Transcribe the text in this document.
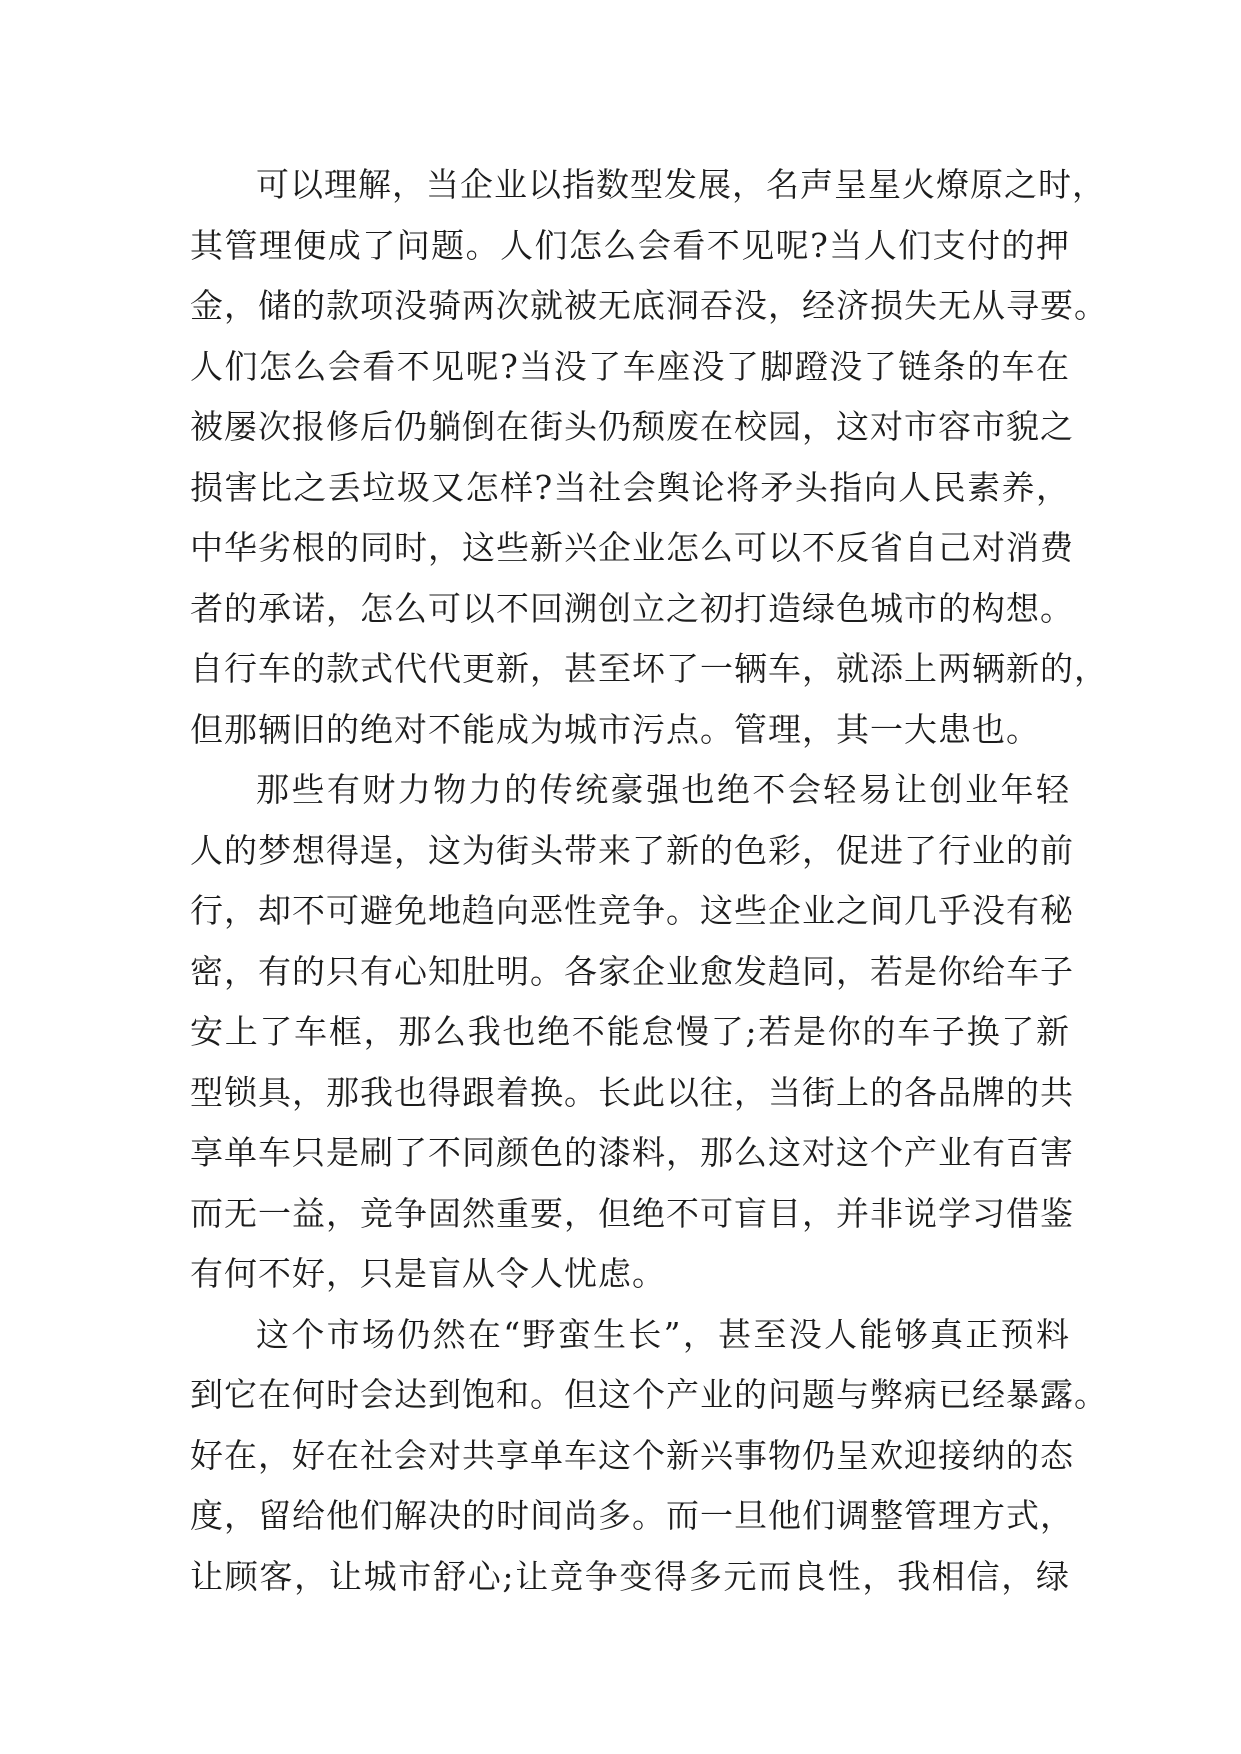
可以理解，当企业以指数型发展，名声呈星火燎原之时，
其管理便成了问题。人们怎么会看不见呢?当人们支付的押
金，储的款项没骑两次就被无底洞吞没，经济损失无从寻要。
人们怎么会看不见呢?当没了车座没了脚蹬没了链条的车在
被屡次报修后仍躺倒在街头仍颓废在校园，这对市容市貌之
损害比之丢垃圾又怎样?当社会舆论将矛头指向人民素养，
中华劣根的同时，这些新兴企业怎么可以不反省自己对消费
者的承诺，怎么可以不回溯创立之初打造绿色城市的构想。
自行车的款式代代更新，甚至坏了一辆车，就添上两辆新的，
但那辆旧的绝对不能成为城市污点。管理，其一大患也。
那些有财力物力的传统豪强也绝不会轻易让创业年轻
人的梦想得逞，这为街头带来了新的色彩，促进了行业的前
行，却不可避免地趋向恶性竞争。这些企业之间几乎没有秘
密，有的只有心知肚明。各家企业愈发趋同，若是你给车子
安上了车框，那么我也绝不能怠慢了;若是你的车子换了新
型锁具，那我也得跟着换。长此以往，当街上的各品牌的共
享单车只是刷了不同颜色的漆料，那么这对这个产业有百害
而无一益，竞争固然重要，但绝不可盲目，并非说学习借鉴
有何不好，只是盲从令人忧虑。
这个市场仍然在“野蛮生长”，甚至没人能够真正预料
到它在何时会达到饱和。但这个产业的问题与弊病已经暴露。
好在，好在社会对共享单车这个新兴事物仍呈欢迎接纳的态
度，留给他们解决的时间尚多。而一旦他们调整管理方式，
让顾客，让城市舒心;让竞争变得多元而良性，我相信，绿
